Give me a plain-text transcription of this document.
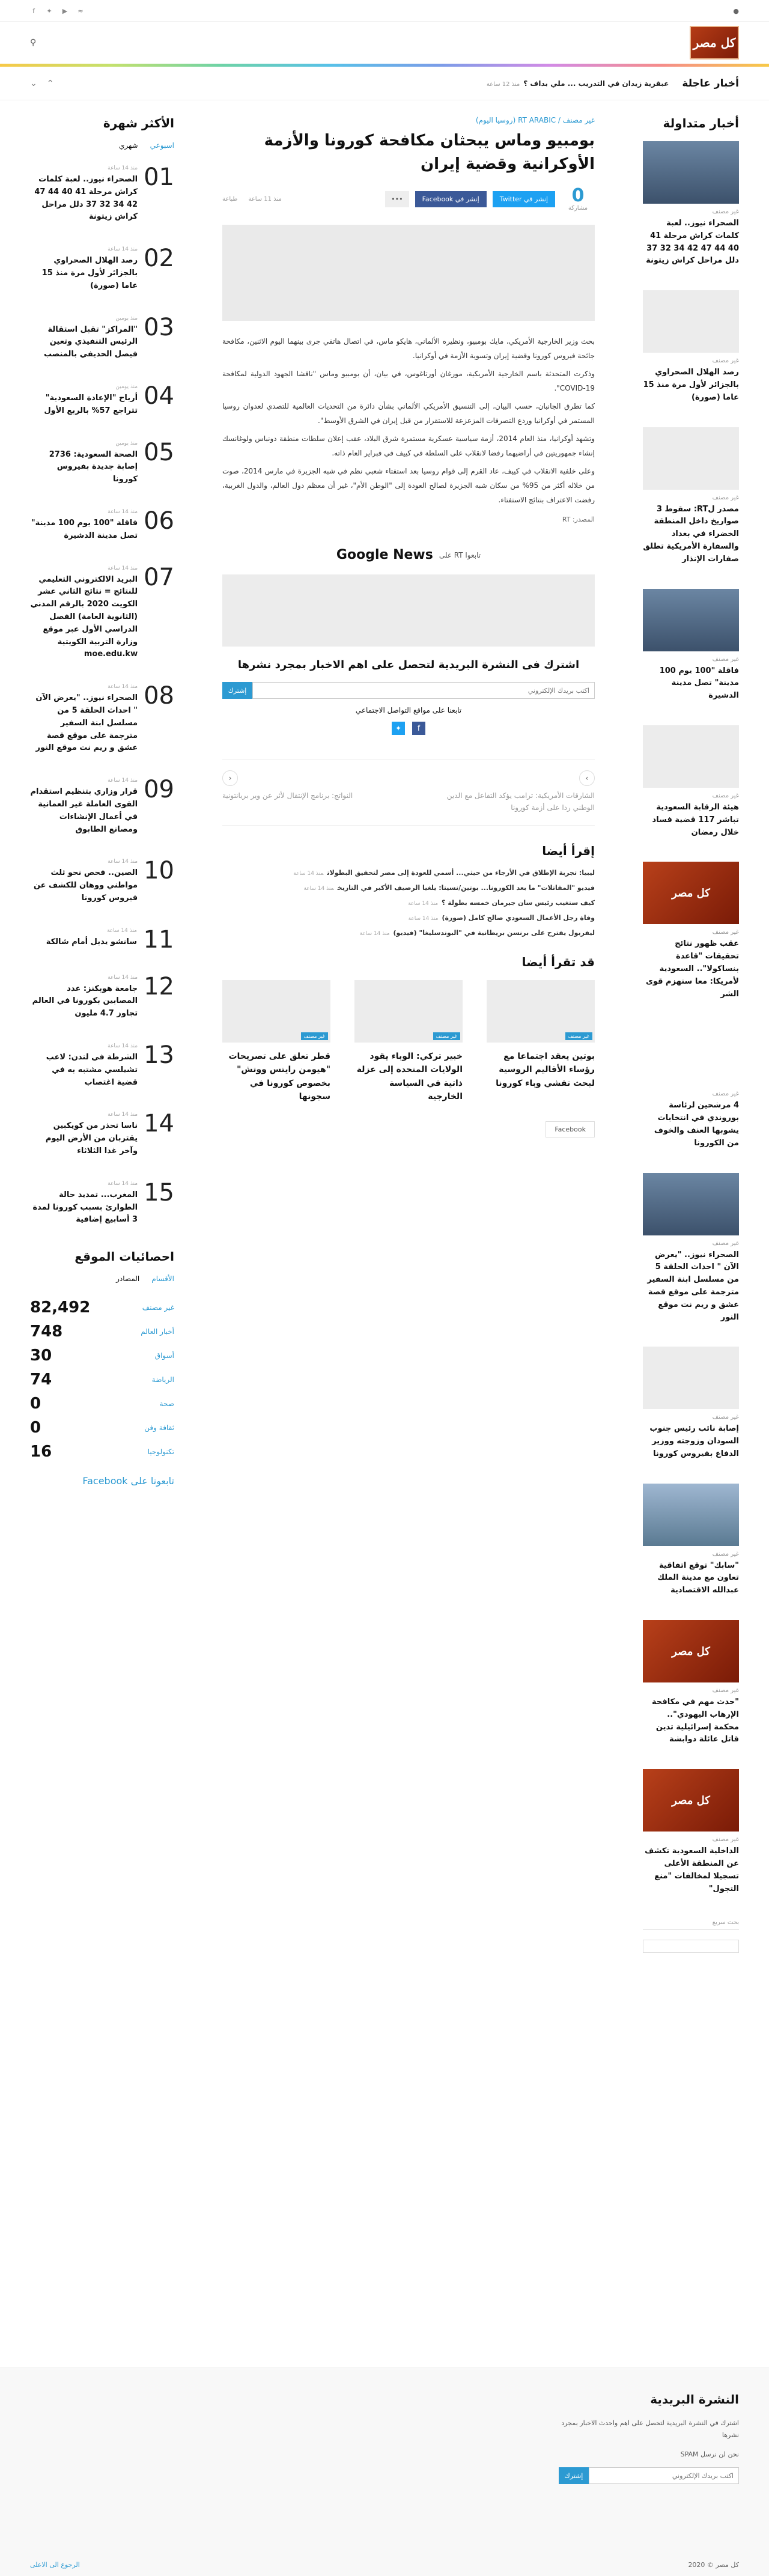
●
≈
▶
✦
f
كل مصر
⚲
أخبار عاجلة
عبقرية زيدان في التدريب ... ملي بداف ؟منذ 12 ساعة
⌃
⌄
أخبار متداولة
غير مصنف
الصحراء نيوز.. لعبة كلمات كراش مرحلة 41 40 44 47 42 34 32 37 دلل مراحل كراش زيتونة
غير مصنف
رصد الهلال الصحراوي بالجزائر لأول مرة منذ 15 عاما (صورة)
غير مصنف
مصدر لRT: سقوط 3 صواريخ داخل المنطقة الخضراء في بغداد والسفارة الأمريكية تطلق صفارات الإنذار
غير مصنف
فاقلة "100 يوم 100 مدينة" تصل مدينة الدشيرة
غير مصنف
هيئة الرقابة السعودية تباشر 117 قضية فساد خلال رمضان
كل مصر
غير مصنف
عقب ظهور نتائج تحقيقات "قاعدة بنساكولا".. السعودية لأمريكا: معا سنهزم قوى الشر
غير مصنف
4 مرشحين لرئاسة بوروندي في انتخابات يشوبها العنف والخوف من الكورونا
غير مصنف
الصحراء نيوز.. "يعرض الآن " احداث الحلقة 5 من مسلسل ابنة السفير مترجمة على موقع قصة عشق و ريم نت موقع النور
غير مصنف
إصابة نائب رئيس جنوب السودان وزوجته ووزير الدفاع بفيروس كورونا
غير مصنف
"سابك" توقع اتفاقية تعاون مع مدينة الملك عبدالله الاقتصادية
كل مصر
غير مصنف
"حدث مهم في مكافحة الإرهاب اليهودي".. محكمة إسرائيلية تدين قاتل عائلة دوابشة
كل مصر
غير مصنف
الداخلية السعودية تكشف عن المنطقة الأعلى تسجيلا لمخالفات "منع التجول"
بحث سريع
غير مصنف / RT ARABIC (روسيا اليوم)
بومبيو وماس يبحثان مكافحة كورونا والأزمة الأوكرانية وقضية إيران
0
مشاركة
إنشر في Twitter
إنشر في Facebook
•••
منذ 11 ساعة
طباعة

بحث وزير الخارجية الأمريكي، مايك بومبيو، ونظيره الألماني، هايكو ماس، في اتصال هاتفي جرى بينهما اليوم الاثنين، مكافحة جائحة فيروس كورونا وقضية إيران وتسوية الأزمة في أوكرانيا.

وذكرت المتحدثة باسم الخارجية الأمريكية، مورغان أورتاغوس، في بيان، أن بومبيو وماس "ناقشا الجهود الدولية لمكافحة COVID-19".

كما تطرق الجانبان، حسب البيان، إلى التنسيق الأمريكي الألماني بشأن دائرة من التحديات العالمية للتصدي لعدوان روسيا المستمر في أوكرانيا وردع التصرفات المزعزعة للاستقرار من قبل إيران في الشرق الأوسط".

وتشهد أوكرانيا، منذ العام 2014، أزمة سياسية عسكرية مستمرة شرق البلاد، عقب إعلان سلطات منطقة دونباس ولوغانسك إنشاء جمهوريتين في أراضيهما رفضا لانقلاب على السلطة في كييف في فبراير العام ذاته.

وعلى خلفية الانقلاب في كييف، عاد القرم إلى قوام روسيا بعد استفتاء شعبي نظم في شبه الجزيرة في مارس 2014، صوت من خلاله أكثر من 95% من سكان شبه الجزيرة لصالح العودة إلى "الوطن الأم"، غير أن معظم دول العالم، والدول الغربية، رفضت الاعتراف بنتائج الاستفتاء.

المصدر: RT
تابعوا RT على
Google News
اشترك فى النشرة البريدية لتحصل على اهم الاخبار بمجرد نشرها
اكتب بريدك الإلكتروني
إشترك
تابعنا على مواقع التواصل الاجتماعي
f
✦
›
الشارقات الأمريكية: ترامب يؤكد التفاعل مع الدين الوطني ردا على أزمة كورونا
‹
النواتج: برنامج الإنتقال لأثر عن وير بريانتونية
إقرأ أيضا
ليبيا: تجربة الإطلاق في الأرجاء من حيثي... أسمي للعودة إلى مصر لتحقيق البطولاتمنذ 14 ساعة
فيديو "المقاتلات" ما بعد الكورونا... بوتين/نسيتا: يلغيا الرصيف الأكبر في التاريخمنذ 14 ساعة
كيف ستغيب رئيس سان جيرمان خمسه بطولة ؟منذ 14 ساعة
وفاة رجل الأعمال السعودي صالح كامل (صورة)منذ 14 ساعة
ليفربول يقترح على برنسن بريطانية في "البوندسليغا" (فيديو)منذ 14 ساعة
قد تقرأ أيضا
غير مصنف
بوتين يعقد اجتماعا مع رؤساء الأقاليم الروسية لبحث تفشي وباء كورونا
غير مصنف
خبير تركي: الوباء يقود الولايات المتحدة إلى عزلة ذاتية في السياسة الخارجية
غير مصنف
قطر تعلق على تصريحات "هيومن رايتس ووتش" بخصوص كورونا في سجونها
Facebook
الأكثر شهرة
اسبوعي
شهري
01
منذ 14 ساعة
الصحراء نيوز.. لعبة كلمات كراش مرحلة 41 40 44 47 42 34 32 37 دلل مراحل كراش زيتونة
02
منذ 14 ساعة
رصد الهلال الصحراوي بالجزائر لأول مرة منذ 15 عاما (صورة)
03
منذ يومين
"المراكز" تقبل استقالة الرئيس التنفيذي وتعين فيصل الحديفي بالمنصب
04
منذ يومين
أرباح "الإعادة السعودية" تتراجع 57% بالربع الأول
05
منذ يومين
الصحة السعودية: 2736 إصابة جديدة بفيروس كورونا
06
منذ 14 ساعة
فاقلة "100 يوم 100 مدينة" تصل مدينة الدشيرة
07
منذ 14 ساعة
البريد الالكتروني التعليمي للنتائج = نتائج الثاني عشر الكويت 2020 بالرقم المدني (الثانوية العامة) الفصل الدراسي الأول عبر موقع وزارة التربية الكويتية moe.edu.kw
08
منذ 14 ساعة
الصحراء نيوز.. "يعرض الآن " احداث الحلقة 5 من مسلسل ابنة السفير مترجمة على موقع قصة عشق و ريم نت موقع النور
09
منذ 14 ساعة
قرار وزاري بتنظيم استقدام القوى العاملة غير العمانية في أعمال الإنشاءات ومصانع الطابوق
10
منذ 14 ساعة
الصين.. فحص نحو ثلث مواطني ووهان للكشف عن فيروس كورونا
11
منذ 14 ساعة
سانشو يدبل أمام شالكة
12
منذ 14 ساعة
جامعة هوبكنز: عدد المصابين بكورونا في العالم تجاوز 4.7 مليون
13
منذ 14 ساعة
الشرطة في لندن: لاعب تشيلسي مشتبه به في قضية اغتصاب
14
منذ 14 ساعة
ناسا تحذر من كويكبين يقتربان من الأرض اليوم وآخر غدا الثلاثاء
15
منذ 14 ساعة
المغرب... تمديد حالة الطوارئ بسبب كورونا لمدة 3 أسابيع إضافية
احصائيات الموقع
الأقسام
المصادر
غير مصنف
82,492
أخبار العالم
748
أسواق
30
الرياضة
74
صحة
0
ثقافة وفن
0
تكنولوجيا
16
تابعونا على Facebook
النشرة البريدية

اشترك في النشرة البريدية لتحصل على اهم واحدث الاخبار بمجرد نشرها

نحن لن نرسل SPAM

اكتب بريدك الإلكتروني
إشترك
كل مصر © 2020
الرجوع الى الاعلى
